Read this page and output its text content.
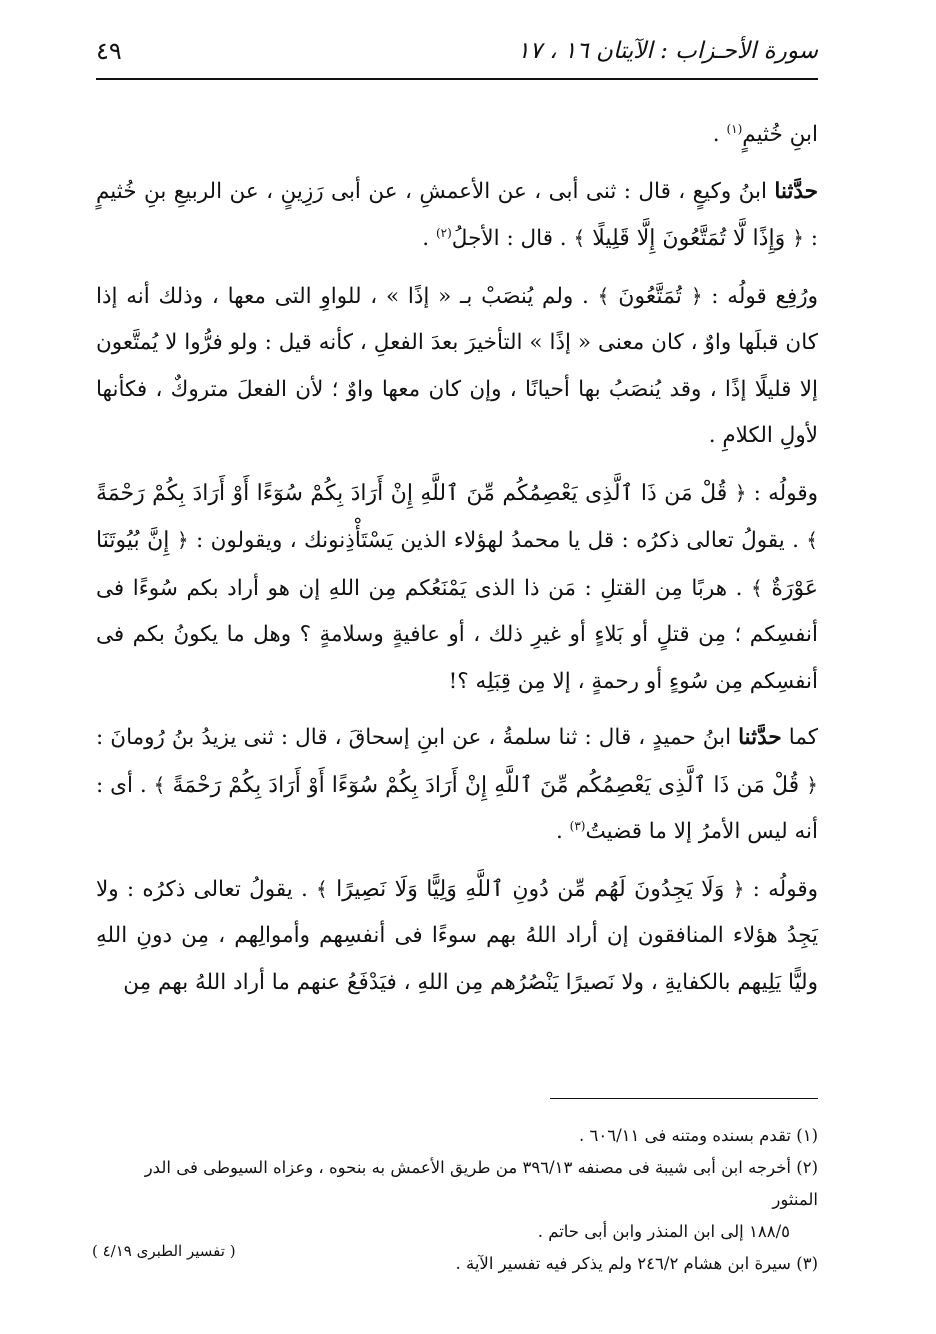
سورة الأحـزاب : الآيتان ١٦ ، ١٧
٤٩

ابنِ خُثيمٍ$^{(١)}$ .

حدَّثنا ابنُ وكيعٍ ، قال : ثنى أبى ، عن الأعمشِ ، عن أبى رَزِينٍ ، عن الربيعِ بنِ خُثيمٍ : ﴿ وَإِذًا لَّا تُمَتَّعُونَ إِلَّا قَلِيلًا ﴾ . قال : الأجلُ$^{(٢)}$ .

ورُفِع قولُه : ﴿ تُمَتَّعُونَ ﴾ . ولم يُنصَبْ بـ « إذًا » ، للواوِ التى معها ، وذلك أنه إذا كان قبلَها واوٌ ، كان معنى « إذًا » التأخيرَ بعدَ الفعلِ ، كأنه قيل : ولو فرُّوا لا يُمتَّعون إلا قليلًا إذًا ، وقد يُنصَبُ بها أحيانًا ، وإن كان معها واوٌ ؛ لأن الفعلَ متروكٌ ، فكأنها لأولِ الكلامِ .

وقولُه : ﴿ قُلْ مَن ذَا ٱلَّذِى يَعْصِمُكُم مِّنَ ٱللَّهِ إِنْ أَرَادَ بِكُمْ سُوٓءًا أَوْ أَرَادَ بِكُمْ رَحْمَةً ﴾ . يقولُ تعالى ذكرُه : قل يا محمدُ لهؤلاء الذين يَسْتَأْذِنونك ، ويقولون : ﴿ إِنَّ بُيُوتَنَا عَوْرَةٌ ﴾ . هربًا مِن القتلِ : مَن ذا الذى يَمْنَعُكم مِن اللهِ إن هو أراد بكم سُوءًا فى أنفسِكم ؛ مِن قتلٍ أو بَلاءٍ أو غيرِ ذلك ، أو عافيةٍ وسلامةٍ ؟ وهل ما يكونُ بكم فى أنفسِكم مِن سُوءٍ أو رحمةٍ ، إلا مِن قِبَلِه ؟!

كما حدَّثنا ابنُ حميدٍ ، قال : ثنا سلمةُ ، عن ابنِ إسحاقَ ، قال : ثنى يزيدُ بنُ رُومانَ : ﴿ قُلْ مَن ذَا ٱلَّذِى يَعْصِمُكُم مِّنَ ٱللَّهِ إِنْ أَرَادَ بِكُمْ سُوٓءًا أَوْ أَرَادَ بِكُمْ رَحْمَةً ﴾ . أى : أنه ليس الأمرُ إلا ما قضيتُ$^{(٣)}$ .

وقولُه : ﴿ وَلَا يَجِدُونَ لَهُم مِّن دُونِ ٱللَّهِ وَلِيًّا وَلَا نَصِيرًا ﴾ . يقولُ تعالى ذكرُه : ولا يَجِدُ هؤلاء المنافقون إن أراد اللهُ بهم سوءًا فى أنفسِهم وأموالِهم ، مِن دونِ اللهِ وليًّا يَلِيهم بالكفايةِ ، ولا نَصيرًا يَنْصُرُهم مِن اللهِ ، فيَدْفَعُ عنهم ما أراد اللهُ بهم مِن

(١) تقدم بسنده ومتنه فى ٦٠٦/١١ .

(٢) أخرجه ابن أبى شيبة فى مصنفه ٣٩٦/١٣ من طريق الأعمش به بنحوه ، وعزاه السيوطى فى الدر المنثور

١٨٨/٥ إلى ابن المنذر وابن أبى حاتم .

(٣) سيرة ابن هشام ٢٤٦/٢ ولم يذكر فيه تفسير الآية .

( تفسير الطبرى ٤/١٩ )
